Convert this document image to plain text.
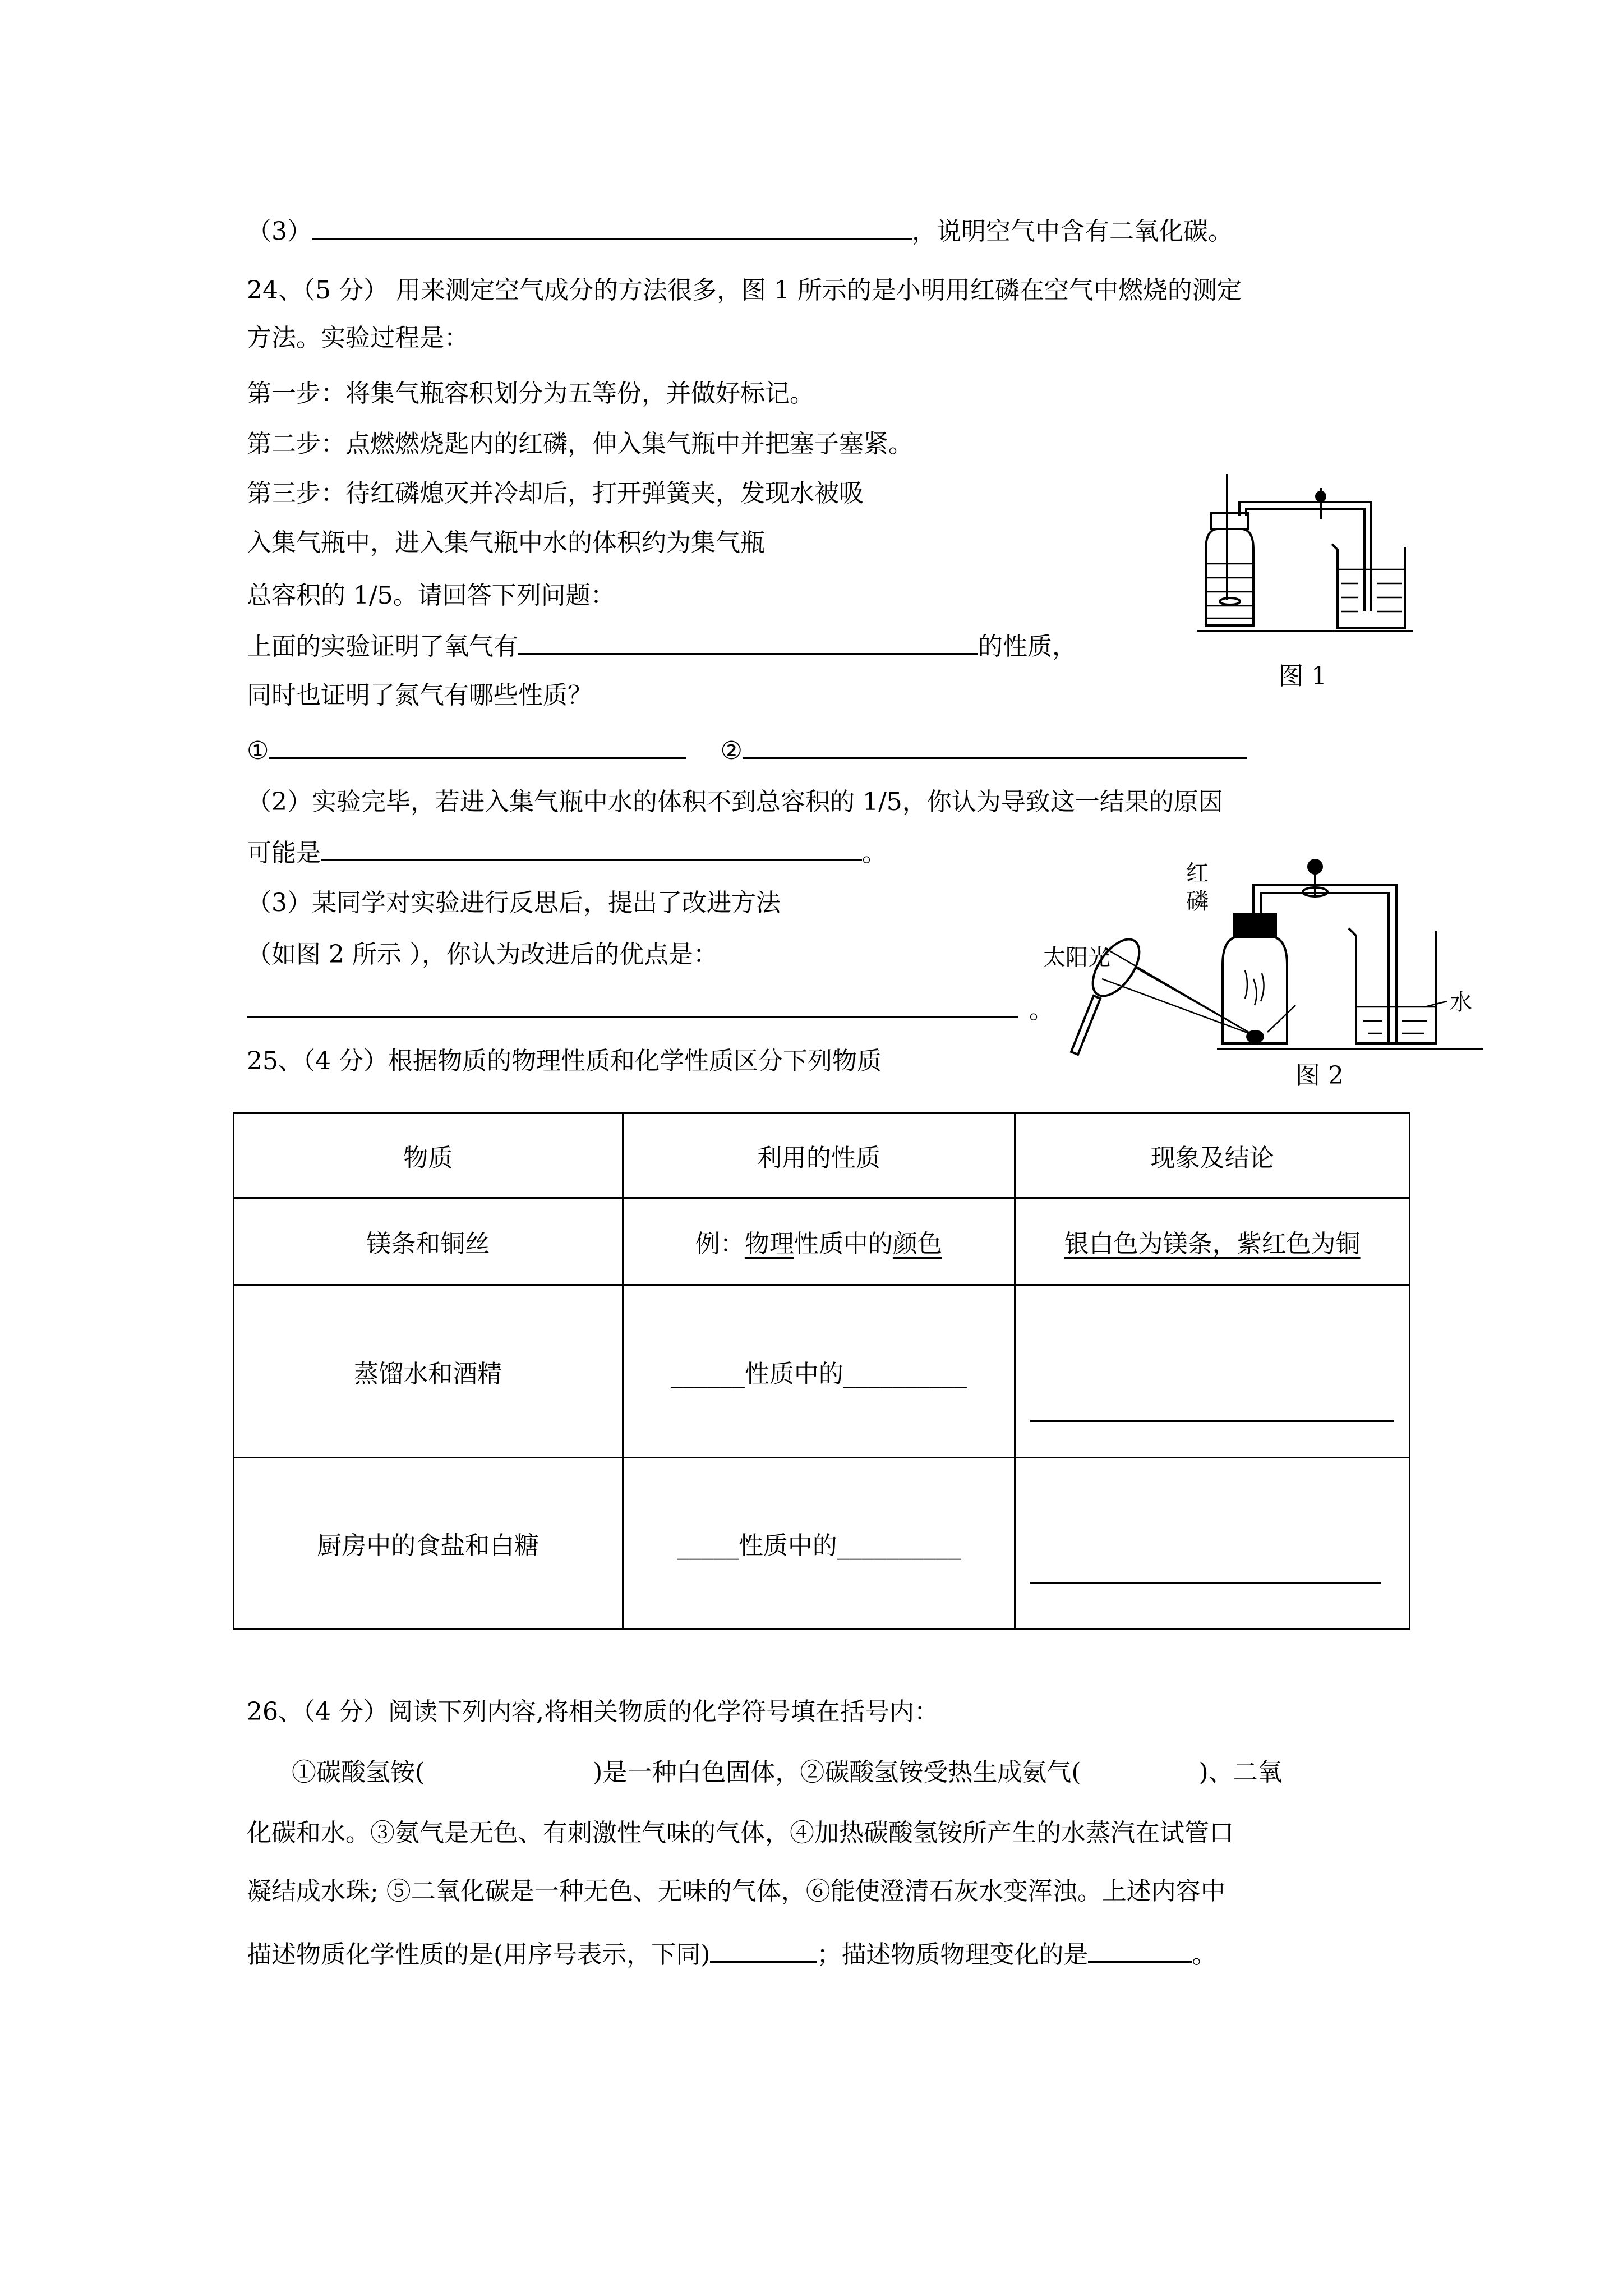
（3）	，说明空气中含有二氧化碳。
24、（5 分） 用来测定空气成分的方法很多，图 1 所示的是小明用红磷在空气中燃烧的测定
方法。实验过程是：
第一步：将集气瓶容积划分为五等份，并做好标记。
第二步：点燃燃烧匙内的红磷，伸入集气瓶中并把塞子塞紧。
第三步：待红磷熄灭并冷却后，打开弹簧夹，发现水被吸
入集气瓶中，进入集气瓶中水的体积约为集气瓶
总容积的 1/5。请回答下列问题：
上面的实验证明了氧气有	的性质，
同时也证明了氮气有哪些性质？
①	②
（2）实验完毕，若进入集气瓶中水的体积不到总容积的 1/5，你认为导致这一结果的原因
可能是	。
（3）某同学对实验进行反思后，提出了改进方法
（如图 2 所示 ），你认为改进后的优点是：
。
图 1
红
磷
太阳光
水
图 2
25、（4 分）根据物质的物理性质和化学性质区分下列物质
物质	利用的性质	现象及结论
镁条和铜丝	例：物理性质中的颜色	银白色为镁条，紫红色为铜
蒸馏水和酒精	______性质中的__________	

厨房中的食盐和白糖	_____性质中的__________	
26、（4 分）阅读下列内容,将相关物质的化学符号填在括号内：
①碳酸氢铵(	)是一种白色固体，②碳酸氢铵受热生成氨气(	)、二氧
化碳和水。③氨气是无色、有刺激性气味的气体，④加热碳酸氢铵所产生的水蒸汽在试管口
凝结成水珠; ⑤二氧化碳是一种无色、无味的气体，⑥能使澄清石灰水变浑浊。上述内容中
描述物质化学性质的是(用序号表示，下同)	；描述物质物理变化的是	。
